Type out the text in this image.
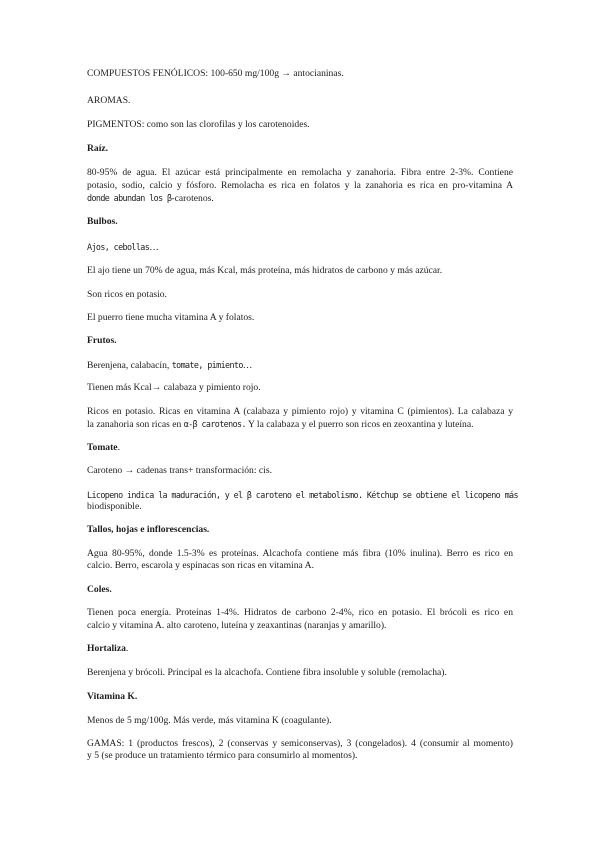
COMPUESTOS FENÓLICOS: 100-650 mg/100g → antocianinas.
AROMAS.
PIGMENTOS: como son las clorofilas y los carotenoides.
Raíz.
80-95% de agua. El azúcar está principalmente en remolacha y zanahoria. Fibra entre 2-3%. Contiene
potasio, sodio, calcio y fósforo. Remolacha es rica en folatos y la zanahoria es rica en pro-vitamina A
donde abundan los β-carotenos.
Bulbos.
Ajos, cebollas…
El ajo tiene un 70% de agua, más Kcal, más proteína, más hidratos de carbono y más azúcar.
Son ricos en potasio.
El puerro tiene mucha vitamina A y folatos.
Frutos.
Berenjena, calabacín, tomate, pimiento…
Tienen más Kcal→ calabaza y pimiento rojo.
Ricos en potasio. Ricas en vitamina A (calabaza y pimiento rojo) y vitamina C (pimientos). La calabaza y
la zanahoria son ricas en α-β carotenos. Y la calabaza y el puerro son ricos en zeoxantina y luteína.
Tomate.
Caroteno → cadenas trans+ transformación: cis.
Licopeno indica la maduración, y el β caroteno el metabolismo. Kétchup se obtiene el licopeno más
biodisponible.
Tallos, hojas e inflorescencias.
Agua 80-95%, donde 1.5-3% es proteínas. Alcachofa contiene más fibra (10% inulina). Berro es rico en
calcio. Berro, escarola y espinacas son ricas en vitamina A.
Coles.
Tienen poca energía. Proteínas 1-4%. Hidratos de carbono 2-4%, rico en potasio. El brócoli es rico en
calcio y vitamina A. alto caroteno, luteína y zeaxantinas (naranjas y amarillo).
Hortaliza.
Berenjena y brócoli. Principal es la alcachofa. Contiene fibra insoluble y soluble (remolacha).
Vitamina K.
Menos de 5 mg/100g. Más verde, más vitamina K (coagulante).
GAMAS: 1 (productos frescos), 2 (conservas y semiconservas), 3 (congelados). 4 (consumir al momento)
y 5 (se produce un tratamiento térmico para consumirlo al momentos).
